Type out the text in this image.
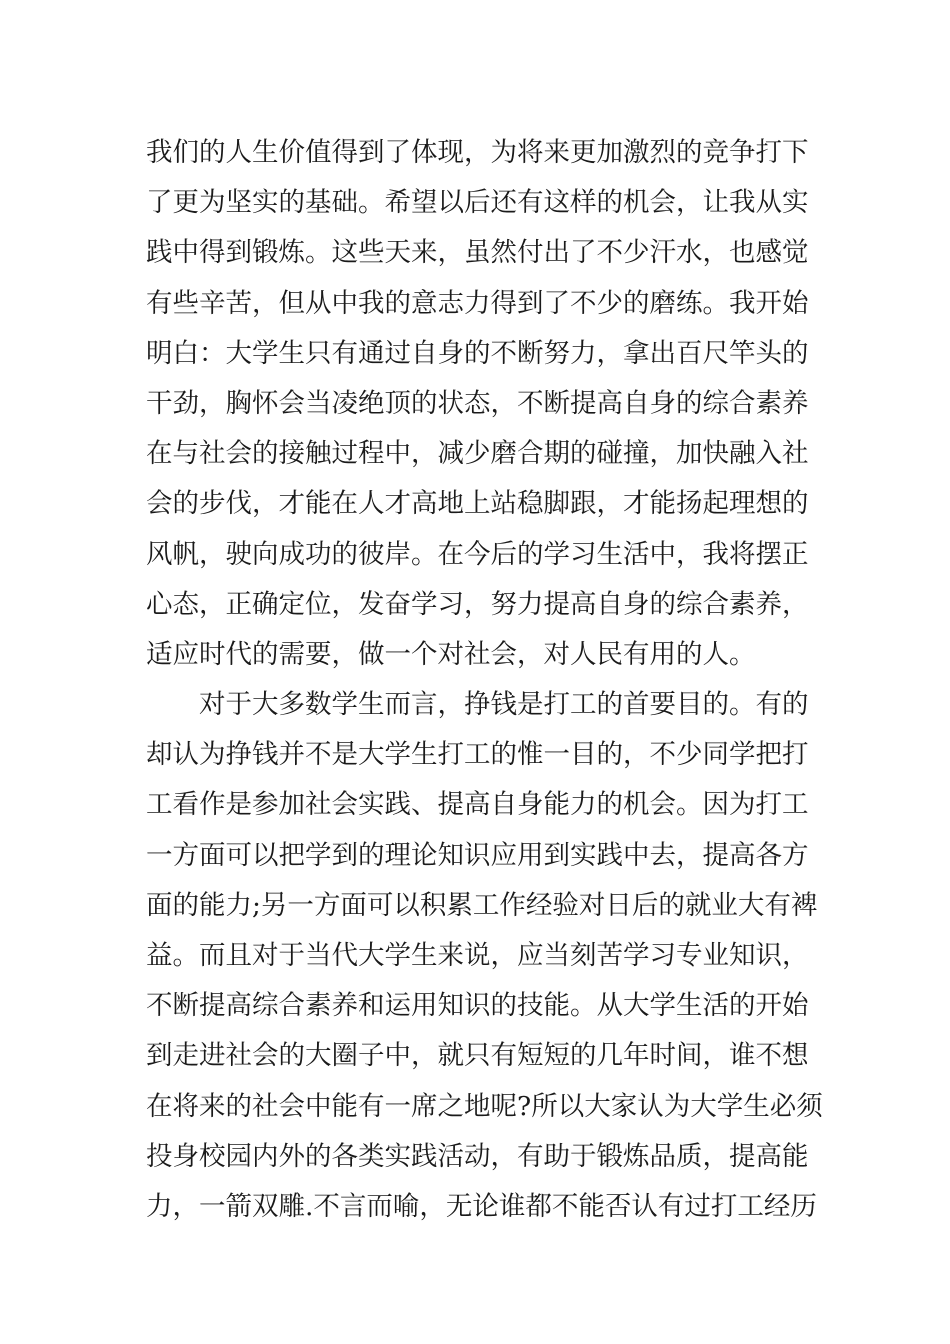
我们的人生价值得到了体现，为将来更加激烈的竞争打下
了更为坚实的基础。希望以后还有这样的机会，让我从实
践中得到锻炼。这些天来，虽然付出了不少汗水，也感觉
有些辛苦，但从中我的意志力得到了不少的磨练。我开始
明白：大学生只有通过自身的不断努力，拿出百尺竿头的
干劲，胸怀会当凌绝顶的状态，不断提高自身的综合素养
在与社会的接触过程中，减少磨合期的碰撞，加快融入社
会的步伐，才能在人才高地上站稳脚跟，才能扬起理想的
风帆，驶向成功的彼岸。在今后的学习生活中，我将摆正
心态，正确定位，发奋学习，努力提高自身的综合素养，
适应时代的需要，做一个对社会，对人民有用的人。
对于大多数学生而言，挣钱是打工的首要目的。有的
却认为挣钱并不是大学生打工的惟一目的，不少同学把打
工看作是参加社会实践、提高自身能力的机会。因为打工
一方面可以把学到的理论知识应用到实践中去，提高各方
面的能力;另一方面可以积累工作经验对日后的就业大有裨
益。而且对于当代大学生来说，应当刻苦学习专业知识，
不断提高综合素养和运用知识的技能。从大学生活的开始
到走进社会的大圈子中，就只有短短的几年时间，谁不想
在将来的社会中能有一席之地呢?所以大家认为大学生必须
投身校园内外的各类实践活动，有助于锻炼品质，提高能
力，一箭双雕.不言而喻，无论谁都不能否认有过打工经历
